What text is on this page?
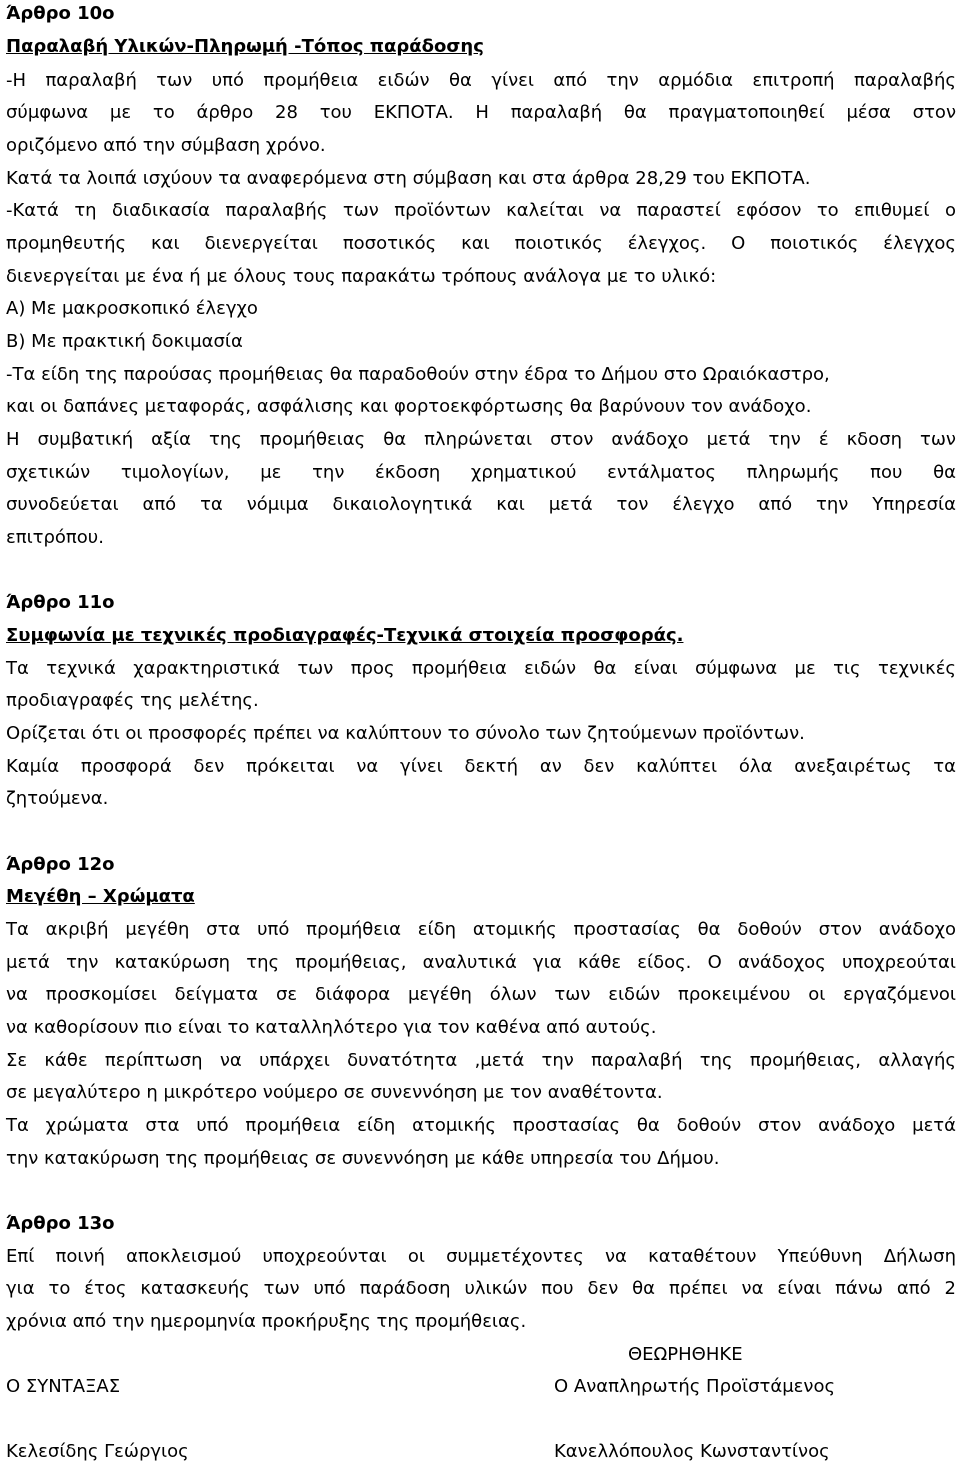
Άρθρο 10ο
Παραλαβή Υλικών-Πληρωμή -Τόπος παράδοσης
-Η παραλαβή των υπό προμήθεια ειδών θα γίνει από την αρμόδια επιτροπή παραλαβής
σύμφωνα με το άρθρο 28 του ΕΚΠΟΤΑ. Η παραλαβή θα πραγματοποιηθεί μέσα στον
οριζόμενο από την σύμβαση χρόνο.
Κατά τα λοιπά ισχύουν τα αναφερόμενα στη σύμβαση και στα άρθρα 28,29 του ΕΚΠΟΤΑ.
-Κατά τη διαδικασία παραλαβής των προϊόντων καλείται να παραστεί εφόσον το επιθυμεί ο
προμηθευτής και διενεργείται ποσοτικός και ποιοτικός έλεγχος. Ο ποιοτικός έλεγχος
διενεργείται με ένα ή με όλους τους παρακάτω τρόπους ανάλογα με το υλικό:
Α) Με μακροσκοπικό έλεγχο
Β) Με πρακτική δοκιμασία
-Τα είδη της παρούσας προμήθειας θα παραδοθούν στην έδρα το Δήμου στο Ωραιόκαστρο,
και οι δαπάνες μεταφοράς, ασφάλισης και φορτοεκφόρτωσης θα βαρύνουν τον ανάδοχο.
Η συμβατική αξία της προμήθειας θα πληρώνεται στον ανάδοχο μετά την έ κδοση των
σχετικών τιμολογίων, με την έκδοση χρηματικού εντάλματος πληρωμής που θα
συνοδεύεται από τα νόμιμα δικαιολογητικά και μετά τον έλεγχο από την Υπηρεσία
επιτρόπου.
Άρθρο 11ο
Συμφωνία με τεχνικές προδιαγραφές-Τεχνικά στοιχεία προσφοράς.
Τα τεχνικά χαρακτηριστικά των προς προμήθεια ειδών θα είναι σύμφωνα με τις τεχνικές
προδιαγραφές της μελέτης.
Ορίζεται ότι οι προσφορές πρέπει να καλύπτουν το σύνολο των ζητούμενων προϊόντων.
Καμία προσφορά δεν πρόκειται να γίνει δεκτή αν δεν καλύπτει όλα ανεξαιρέτως τα
ζητούμενα.
Άρθρο 12ο
Μεγέθη – Χρώματα
Τα ακριβή μεγέθη στα υπό προμήθεια είδη ατομικής προστασίας θα δοθούν στον ανάδοχο
μετά την κατακύρωση της προμήθειας, αναλυτικά για κάθε είδος. Ο ανάδοχος υποχρεούται
να προσκομίσει δείγματα σε διάφορα μεγέθη όλων των ειδών προκειμένου οι εργαζόμενοι
να καθορίσουν πιο είναι το καταλληλότερο για τον καθένα από αυτούς.
Σε κάθε περίπτωση να υπάρχει δυνατότητα ,μετά την παραλαβή της προμήθειας, αλλαγής
σε μεγαλύτερο η μικρότερο νούμερο σε συνεννόηση με τον αναθέτοντα.
Τα χρώματα στα υπό προμήθεια είδη ατομικής προστασίας θα δοθούν στον ανάδοχο μετά
την κατακύρωση της προμήθειας σε συνεννόηση με κάθε υπηρεσία του Δήμου.
Άρθρο 13ο
Επί ποινή αποκλεισμού υποχρεούνται οι συμμετέχοντες να καταθέτουν Υπεύθυνη Δήλωση
για το έτος κατασκευής των υπό παράδοση υλικών που δεν θα πρέπει να είναι πάνω από 2
χρόνια από την ημερομηνία προκήρυξης της προμήθειας.
ΘΕΩΡΗΘΗΚΕ
Ο ΣΥΝΤΑΞΑΣ	Ο Αναπληρωτής Προϊστάμενος
Κελεσίδης Γεώργιος	Κανελλόπουλος Κωνσταντίνος
